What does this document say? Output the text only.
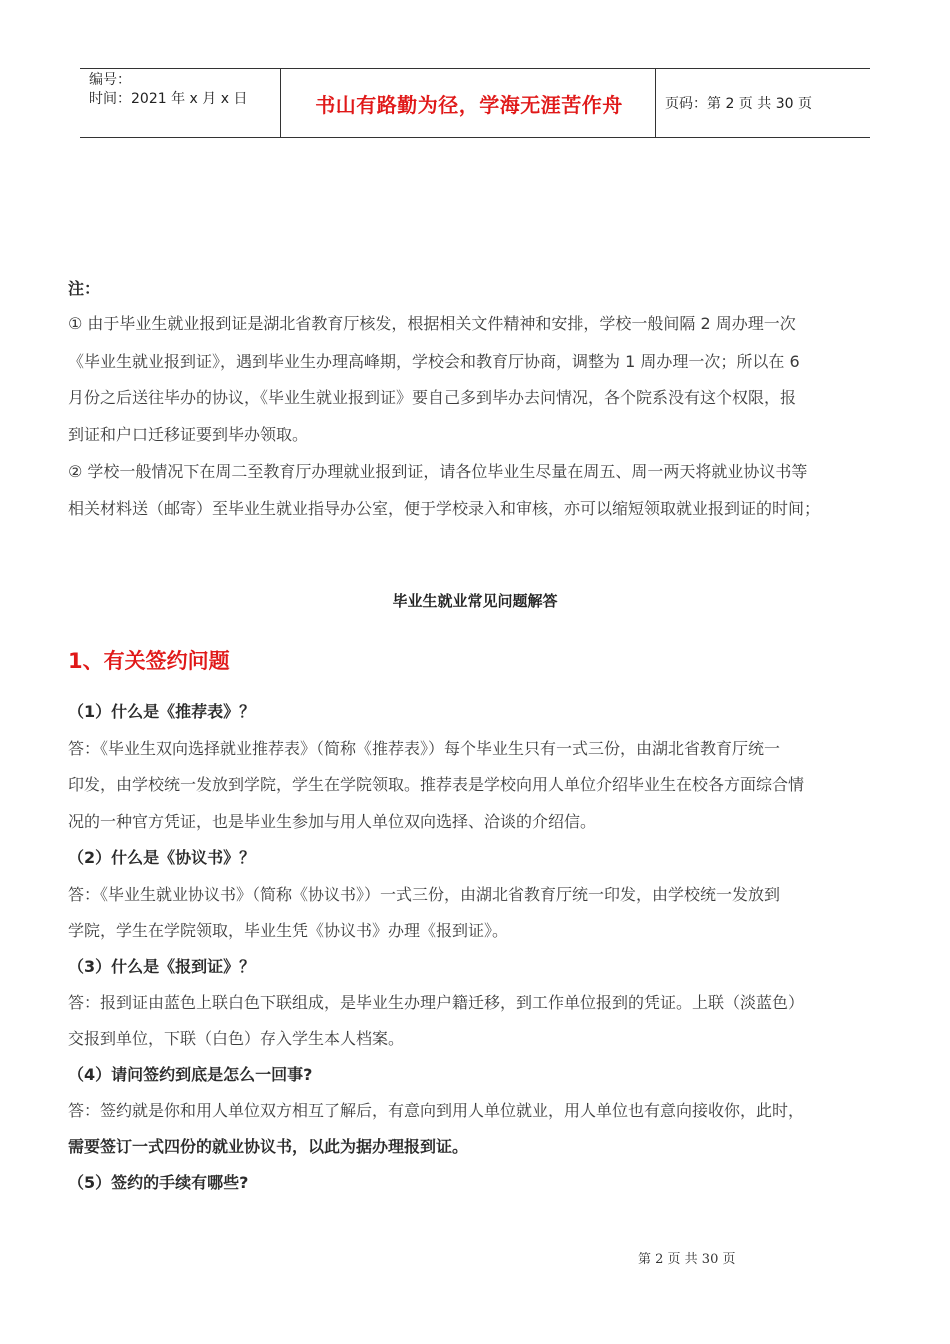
编号：
时间：2021 年 x 月 x 日	书山有路勤为径，学海无涯苦作舟	页码：第 2 页 共 30 页
注：
① 由于毕业生就业报到证是湖北省教育厅核发，根据相关文件精神和安排，学校一般间隔 2 周办理一次
《毕业生就业报到证》，遇到毕业生办理高峰期，学校会和教育厅协商，调整为 1 周办理一次；所以在 6
月份之后送往毕办的协议，《毕业生就业报到证》要自己多到毕办去问情况，各个院系没有这个权限，报
到证和户口迁移证要到毕办领取。
② 学校一般情况下在周二至教育厅办理就业报到证，请各位毕业生尽量在周五、周一两天将就业协议书等
相关材料送（邮寄）至毕业生就业指导办公室，便于学校录入和审核，亦可以缩短领取就业报到证的时间；
毕业生就业常见问题解答
1、有关签约问题
（1）什么是《推荐表》？
答：《毕业生双向选择就业推荐表》（简称《推荐表》）每个毕业生只有一式三份，由湖北省教育厅统一
印发，由学校统一发放到学院，学生在学院领取。推荐表是学校向用人单位介绍毕业生在校各方面综合情
况的一种官方凭证，也是毕业生参加与用人单位双向选择、洽谈的介绍信。
（2）什么是《协议书》？
答：《毕业生就业协议书》（简称《协议书》）一式三份，由湖北省教育厅统一印发，由学校统一发放到
学院，学生在学院领取，毕业生凭《协议书》办理《报到证》。
（3）什么是《报到证》？
答：报到证由蓝色上联白色下联组成，是毕业生办理户籍迁移，到工作单位报到的凭证。上联（淡蓝色）
交报到单位，下联（白色）存入学生本人档案。
（4）请问签约到底是怎么一回事?
答：签约就是你和用人单位双方相互了解后，有意向到用人单位就业，用人单位也有意向接收你，此时，
需要签订一式四份的就业协议书，以此为据办理报到证。
（5）签约的手续有哪些?
第 2 页 共 30 页
